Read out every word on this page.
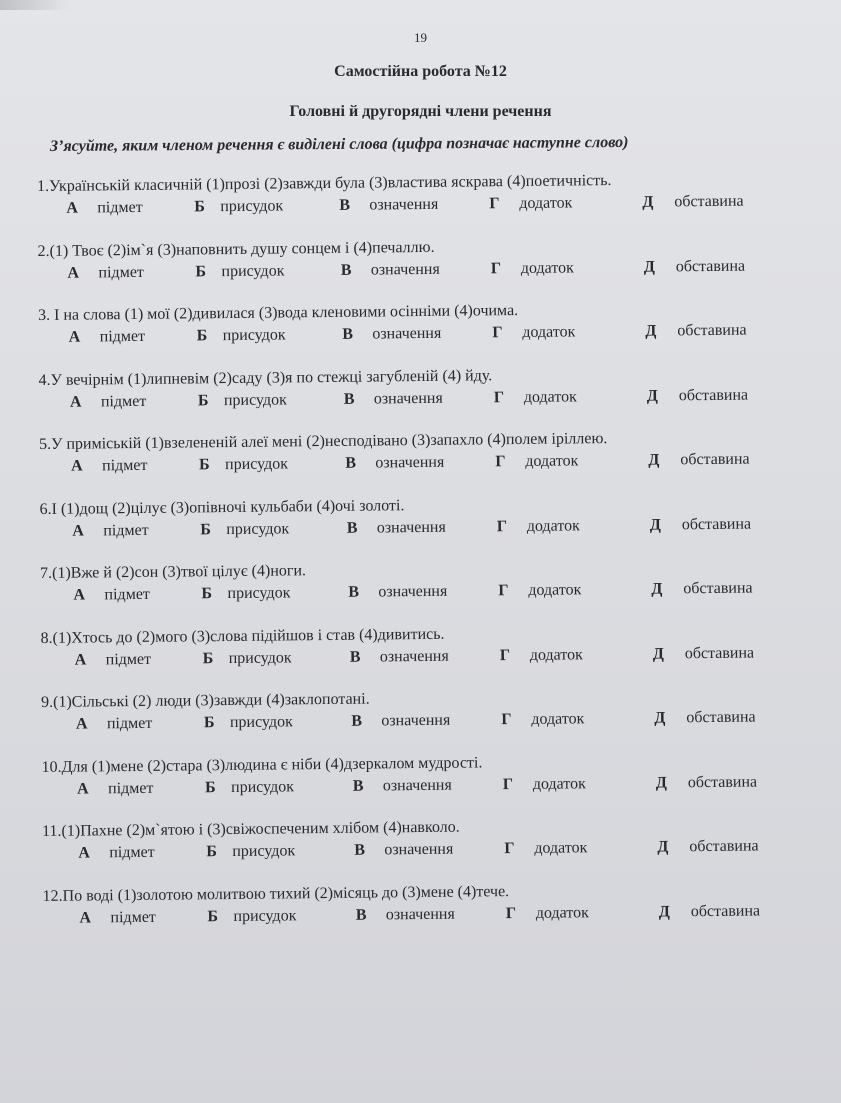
19
Самостійна робота №12
Головні й другорядні члени речення
З’ясуйте, яким членом речення є виділені слова (цифра позначає наступне слово)
1.Українській класичній (1)прозі (2)завжди була (3)властива яскрава (4)поетичність.
А підмет	Б присудок	В означення	Г додаток	Д обставина
2.(1) Твоє (2)ім`я (3)наповнить душу сонцем і (4)печаллю.
А підмет	Б присудок	В означення	Г додаток	Д обставина
3. І на слова (1) мої (2)дивилася (3)вода кленовими осінніми (4)очима.
А підмет	Б присудок	В означення	Г додаток	Д обставина
4.У вечірнім (1)липневім (2)саду (3)я по стежці загубленій (4) йду.
А підмет	Б присудок	В означення	Г додаток	Д обставина
5.У приміській (1)взелененій алеї мені (2)несподівано (3)запахло (4)полем іріллею.
А підмет	Б присудок	В означення	Г додаток	Д обставина
6.І (1)дощ (2)цілує (3)опівночі кульбаби (4)очі золоті.
А підмет	Б присудок	В означення	Г додаток	Д обставина
7.(1)Вже й (2)сон (3)твої цілує (4)ноги.
А підмет	Б присудок	В означення	Г додаток	Д обставина
8.(1)Хтось до (2)мого (3)слова підійшов і став (4)дивитись.
А підмет	Б присудок	В означення	Г додаток	Д обставина
9.(1)Сільські (2) люди (3)завжди (4)заклопотані.
А підмет	Б присудок	В означення	Г додаток	Д обставина
10.Для (1)мене (2)стара (3)людина є ніби (4)дзеркалом мудрості.
А підмет	Б присудок	В означення	Г додаток	Д обставина
11.(1)Пахне (2)м`ятою і (3)свіжоспеченим хлібом (4)навколо.
А підмет	Б присудок	В означення	Г додаток	Д обставина
12.По воді (1)золотою молитвою тихий (2)місяць до (3)мене (4)тече.
А підмет	Б присудок	В означення	Г додаток	Д обставина
